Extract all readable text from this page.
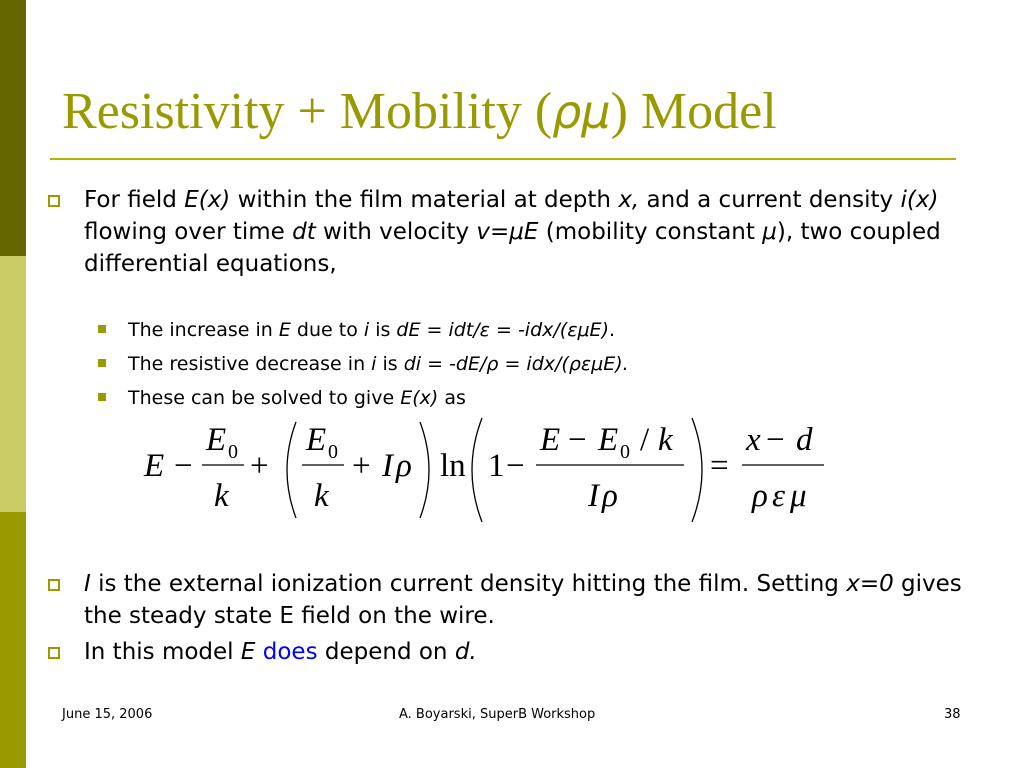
Resistivity + Mobility (ρμ) Model
For field E(x) within the film material at depth x, and a current density i(x) flowing over time dt with velocity v=μE (mobility constant μ), two coupled differential equations,
The increase in E due to i is dE = idt/ε = -idx/(εμE).
The resistive decrease in i is di = -dE/ρ = idx/(ρεμE).
These can be solved to give E(x) as
E −
E 0
k
+
E 0
k
+ I ρ ln 1 −
E − E 0 / k
I ρ
=
x − d
ρ ε μ
I is the external ionization current density hitting the film. Setting x=0 gives the steady state E field on the wire.
In this model E does depend on d.
June 15, 2006	A. Boyarski, SuperB Workshop	38
